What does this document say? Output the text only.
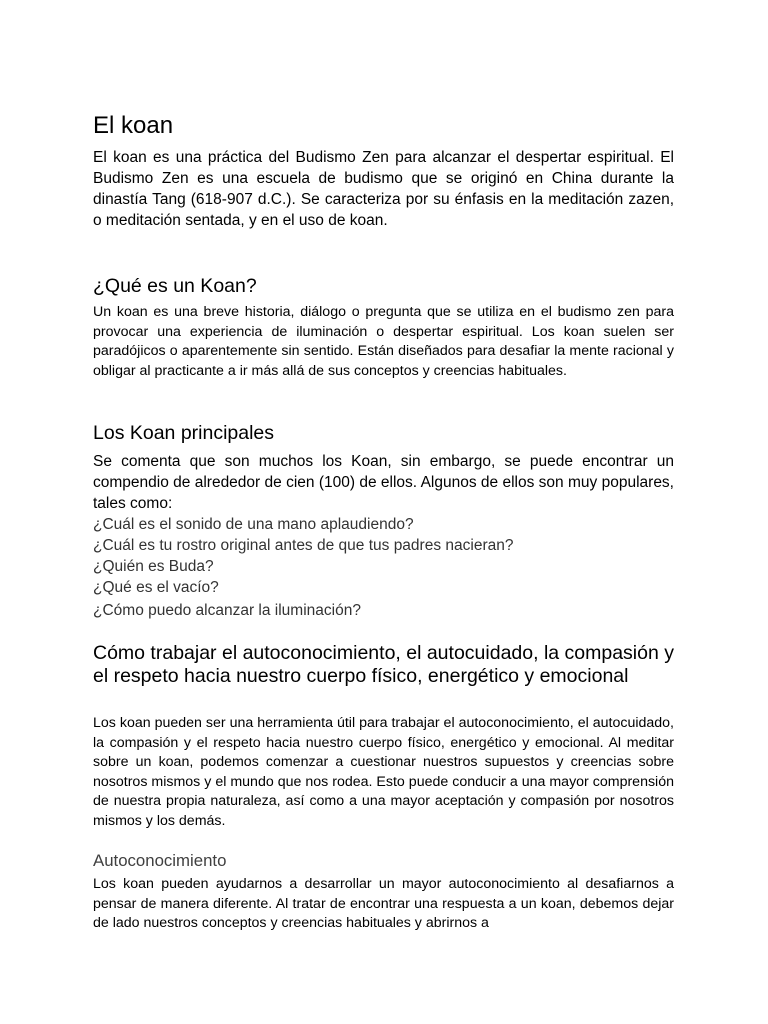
El koan

El koan es una práctica del Budismo Zen para alcanzar el despertar espiritual. El Budismo Zen es una escuela de budismo que se originó en China durante la dinastía Tang (618-907 d.C.). Se caracteriza por su énfasis en la meditación zazen, o meditación sentada, y en el uso de koan.

¿Qué es un Koan?

Un koan es una breve historia, diálogo o pregunta que se utiliza en el budismo zen para provocar una experiencia de iluminación o despertar espiritual. Los koan suelen ser paradójicos o aparentemente sin sentido. Están diseñados para desafiar la mente racional y obligar al practicante a ir más allá de sus conceptos y creencias habituales.

Los Koan principales

Se comenta que son muchos los Koan, sin embargo, se puede encontrar un compendio de alrededor de cien (100) de ellos. Algunos de ellos son muy populares, tales como:

¿Cuál es el sonido de una mano aplaudiendo?
¿Cuál es tu rostro original antes de que tus padres nacieran?
¿Quién es Buda?
¿Qué es el vacío?
¿Cómo puedo alcanzar la iluminación?
Cómo trabajar el autoconocimiento, el autocuidado, la compasión y el respeto hacia nuestro cuerpo físico, energético y emocional

Los koan pueden ser una herramienta útil para trabajar el autoconocimiento, el autocuidado, la compasión y el respeto hacia nuestro cuerpo físico, energético y emocional. Al meditar sobre un koan, podemos comenzar a cuestionar nuestros supuestos y creencias sobre nosotros mismos y el mundo que nos rodea. Esto puede conducir a una mayor comprensión de nuestra propia naturaleza, así como a una mayor aceptación y compasión por nosotros mismos y los demás.

Autoconocimiento

Los koan pueden ayudarnos a desarrollar un mayor autoconocimiento al desafiarnos a pensar de manera diferente. Al tratar de encontrar una respuesta a un koan, debemos dejar de lado nuestros conceptos y creencias habituales y abrirnos a
